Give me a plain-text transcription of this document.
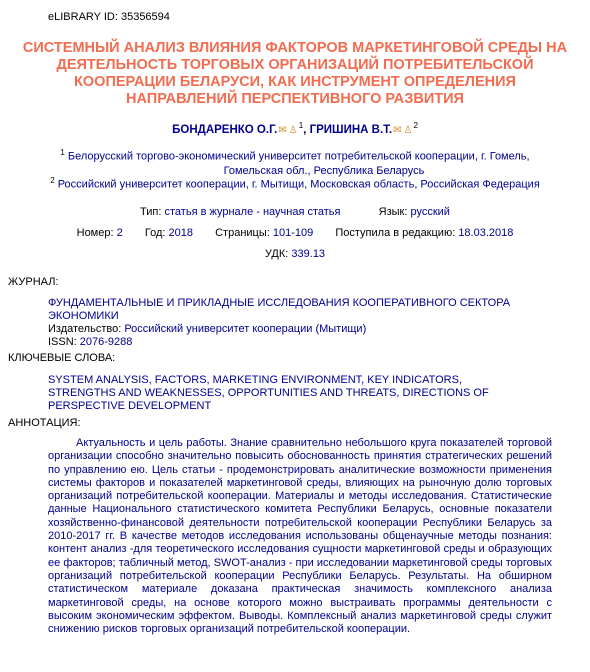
eLIBRARY ID: 35356594
СИСТЕМНЫЙ АНАЛИЗ ВЛИЯНИЯ ФАКТОРОВ МАРКЕТИНГОВОЙ СРЕДЫ НА ДЕЯТЕЛЬНОСТЬ ТОРГОВЫХ ОРГАНИЗАЦИЙ ПОТРЕБИТЕЛЬСКОЙ КООПЕРАЦИИ БЕЛАРУСИ, КАК ИНСТРУМЕНТ ОПРЕДЕЛЕНИЯ НАПРАВЛЕНИЙ ПЕРСПЕКТИВНОГО РАЗВИТИЯ
БОНДАРЕНКО О.Г.✉ ♙$^1$, ГРИШИНА В.Т.✉ ♙$^2$
$^1$ Белорусский торгово-экономический университет потребительской кооперации, г. Гомель,
Гомельская обл., Республика Беларусь
$^2$ Российский университет кооперации, г. Мытищи, Московская область, Российская Федерация
Тип: статья в журнале - научная статья	Язык: русский
Номер: 2 Год: 2018 Страницы: 101-109 Поступила в редакцию: 18.03.2018
УДК: 339.13
ЖУРНАЛ:
ФУНДАМЕНТАЛЬНЫЕ И ПРИКЛАДНЫЕ ИССЛЕДОВАНИЯ КООПЕРАТИВНОГО СЕКТОРА ЭКОНОМИКИ
Издательство: Российский университет кооперации (Мытищи)
ISSN: 2076-9288
КЛЮЧЕВЫЕ СЛОВА:
SYSTEM ANALYSIS, FACTORS, MARKETING ENVIRONMENT, KEY INDICATORS, STRENGTHS AND WEAKNESSES, OPPORTUNITIES AND THREATS, DIRECTIONS OF PERSPECTIVE DEVELOPMENT
АННОТАЦИЯ:
Актуальность и цель работы. Знание сравнительно небольшого круга показателей торговой организации способно значительно повысить обоснованность принятия стратегических решений по управлению ею. Цель статьи - продемонстрировать аналитические возможности применения системы факторов и показателей маркетинговой среды, влияющих на рыночную долю торговых организаций потребительской кооперации. Материалы и методы исследования. Статистические данные Национального статистического комитета Республики Беларусь, основные показатели хозяйственно-финансовой деятельности потребительской кооперации Республики Беларусь за 2010-2017 гг. В качестве методов исследования использованы общенаучные методы познания: контент анализ -для теоретического исследования сущности маркетинговой среды и образующих ее факторов; табличный метод, SWOT-анализ - при исследовании маркетинговой среды торговых организаций потребительской кооперации Республики Беларусь. Результаты. На обширном статистическом материале доказана практическая значимость комплексного анализа маркетинговой среды, на основе которого можно выстраивать программы деятельности с высоким экономическим эффектом. Выводы. Комплексный анализ маркетинговой среды служит снижению рисков торговых организаций потребительской кооперации.
